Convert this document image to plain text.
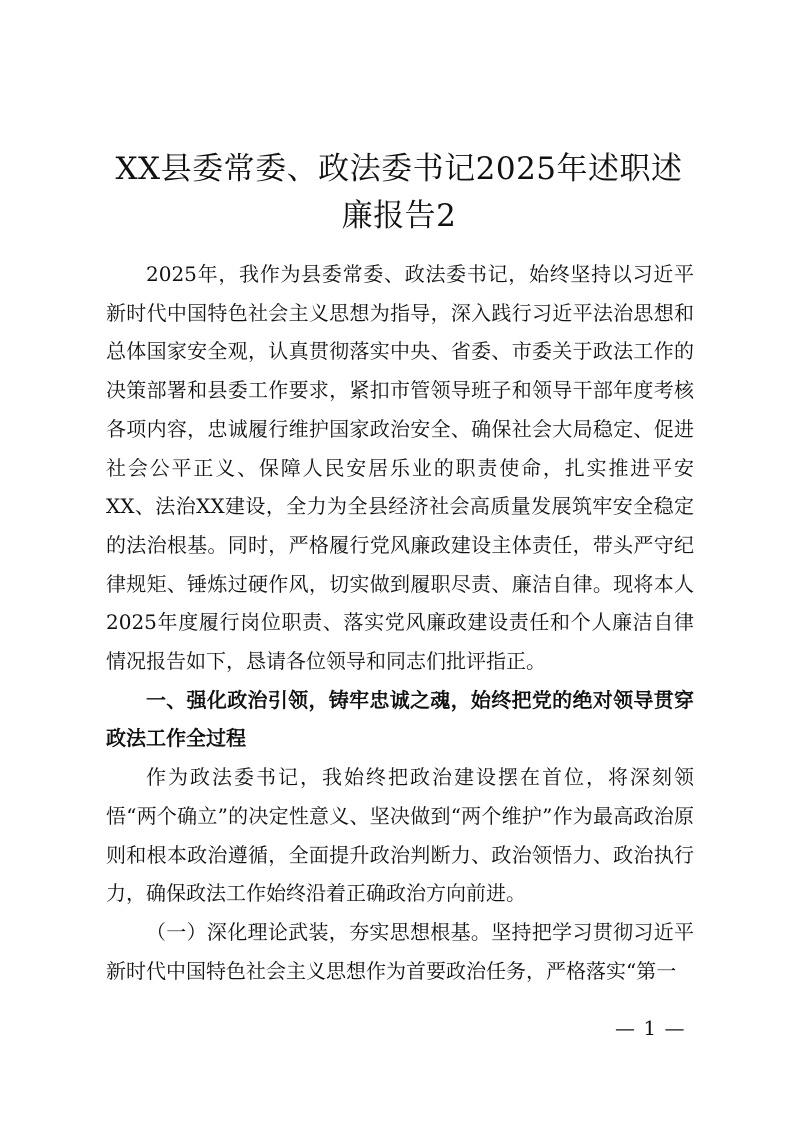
XX县委常委、政法委书记2025年述职述廉报告2

2025年，我作为县委常委、政法委书记，始终坚持以习近平新时代中国特色社会主义思想为指导，深入践行习近平法治思想和总体国家安全观，认真贯彻落实中央、省委、市委关于政法工作的决策部署和县委工作要求，紧扣市管领导班子和领导干部年度考核各项内容，忠诚履行维护国家政治安全、确保社会大局稳定、促进社会公平正义、保障人民安居乐业的职责使命，扎实推进平安XX、法治XX建设，全力为全县经济社会高质量发展筑牢安全稳定的法治根基。同时，严格履行党风廉政建设主体责任，带头严守纪律规矩、锤炼过硬作风，切实做到履职尽责、廉洁自律。现将本人2025年度履行岗位职责、落实党风廉政建设责任和个人廉洁自律情况报告如下，恳请各位领导和同志们批评指正。

一、强化政治引领，铸牢忠诚之魂，始终把党的绝对领导贯穿政法工作全过程

作为政法委书记，我始终把政治建设摆在首位，将深刻领悟“两个确立”的决定性意义、坚决做到“两个维护”作为最高政治原则和根本政治遵循，全面提升政治判断力、政治领悟力、政治执行力，确保政法工作始终沿着正确政治方向前进。

（一）深化理论武装，夯实思想根基。坚持把学习贯彻习近平新时代中国特色社会主义思想作为首要政治任务，严格落实“第一

— 1 —
